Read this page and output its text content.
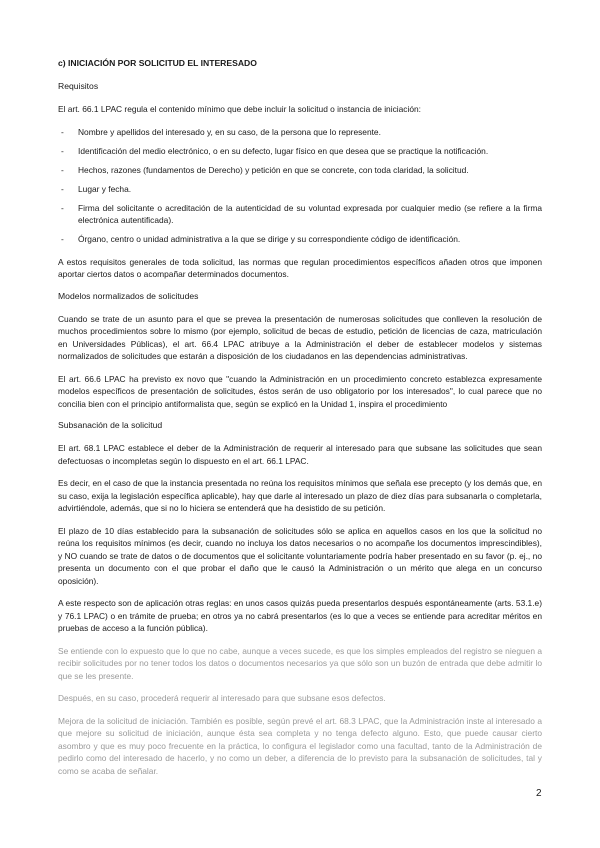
c) INICIACIÓN POR SOLICITUD EL INTERESADO
Requisitos

El art. 66.1 LPAC regula el contenido mínimo que debe incluir la solicitud o instancia de iniciación:

- Nombre y apellidos del interesado y, en su caso, de la persona que lo represente.
- Identificación del medio electrónico, o en su defecto, lugar físico en que desea que se practique la notificación.
- Hechos, razones (fundamentos de Derecho) y petición en que se concrete, con toda claridad, la solicitud.
- Lugar y fecha.
- Firma del solicitante o acreditación de la autenticidad de su voluntad expresada por cualquier medio (se refiere a la firma electrónica autentificada).
- Órgano, centro o unidad administrativa a la que se dirige y su correspondiente código de identificación.

A estos requisitos generales de toda solicitud, las normas que regulan procedimientos específicos añaden otros que imponen aportar ciertos datos o acompañar determinados documentos.

Modelos normalizados de solicitudes

Cuando se trate de un asunto para el que se prevea la presentación de numerosas solicitudes que conlleven la resolución de muchos procedimientos sobre lo mismo (por ejemplo, solicitud de becas de estudio, petición de licencias de caza, matriculación en Universidades Públicas), el art. 66.4 LPAC atribuye a la Administración el deber de establecer modelos y sistemas normalizados de solicitudes que estarán a disposición de los ciudadanos en las dependencias administrativas.

El art. 66.6 LPAC ha previsto ex novo que "cuando la Administración en un procedimiento concreto establezca expresamente modelos específicos de presentación de solicitudes, éstos serán de uso obligatorio por los interesados", lo cual parece que no concilia bien con el principio antiformalista que, según se explicó en la Unidad 1, inspira el procedimiento

Subsanación de la solicitud

El art. 68.1 LPAC establece el deber de la Administración de requerir al interesado para que subsane las solicitudes que sean defectuosas o incompletas según lo dispuesto en el art. 66.1 LPAC.

Es decir, en el caso de que la instancia presentada no reúna los requisitos mínimos que señala ese precepto (y los demás que, en su caso, exija la legislación específica aplicable), hay que darle al interesado un plazo de diez días para subsanarla o completarla, advirtiéndole, además, que si no lo hiciera se entenderá que ha desistido de su petición.

El plazo de 10 días establecido para la subsanación de solicitudes sólo se aplica en aquellos casos en los que la solicitud no reúna los requisitos mínimos (es decir, cuando no incluya los datos necesarios o no acompañe los documentos imprescindibles), y NO cuando se trate de datos o de documentos que el solicitante voluntariamente podría haber presentado en su favor (p. ej., no presenta un documento con el que probar el daño que le causó la Administración o un mérito que alega en un concurso oposición).

A este respecto son de aplicación otras reglas: en unos casos quizás pueda presentarlos después espontáneamente (arts. 53.1.e) y 76.1 LPAC) o en trámite de prueba; en otros ya no cabrá presentarlos (es lo que a veces se entiende para acreditar méritos en pruebas de acceso a la función pública).

Se entiende con lo expuesto que lo que no cabe, aunque a veces sucede, es que los simples empleados del registro se nieguen a recibir solicitudes por no tener todos los datos o documentos necesarios ya que sólo son un buzón de entrada que debe admitir lo que se les presente.

Después, en su caso, procederá requerir al interesado para que subsane esos defectos.

Mejora de la solicitud de iniciación. También es posible, según prevé el art. 68.3 LPAC, que la Administración inste al interesado a que mejore su solicitud de iniciación, aunque ésta sea completa y no tenga defecto alguno. Esto, que puede causar cierto asombro y que es muy poco frecuente en la práctica, lo configura el legislador como una facultad, tanto de la Administración de pedirlo como del interesado de hacerlo, y no como un deber, a diferencia de lo previsto para la subsanación de solicitudes, tal y como se acaba de señalar.

2
